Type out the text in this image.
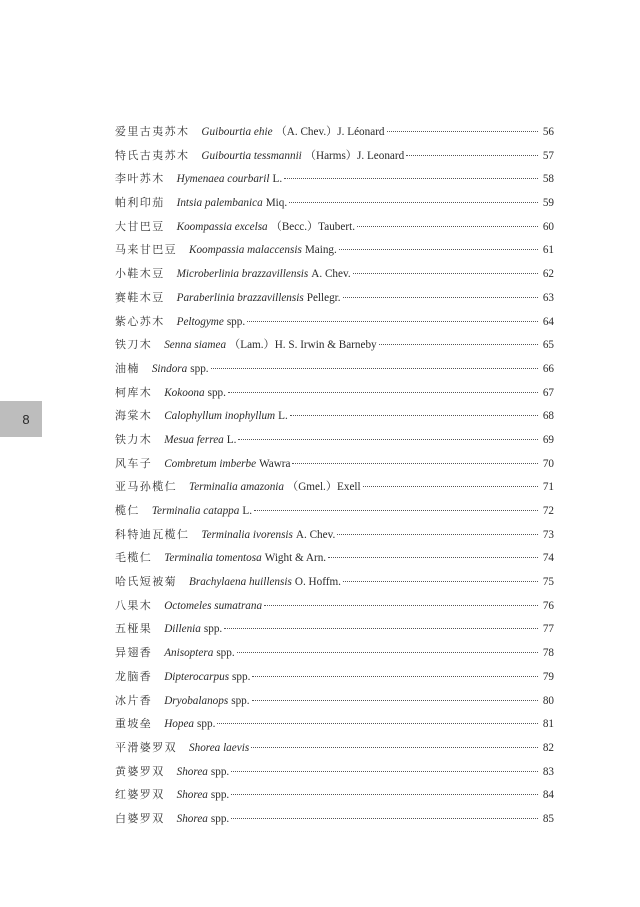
8
爱里古夷苏木 Guibourtia ehie （A. Chev.）J. Léonard	56
特氏古夷苏木 Guibourtia tessmannii （Harms）J. Leonard	57
李叶苏木 Hymenaea courbaril L.	58
帕利印茄 Intsia palembanica Miq.	59
大甘巴豆 Koompassia excelsa （Becc.）Taubert.	60
马来甘巴豆 Koompassia malaccensis Maing.	61
小鞋木豆 Microberlinia brazzavillensis A. Chev.	62
赛鞋木豆 Paraberlinia brazzavillensis Pellegr.	63
紫心苏木 Peltogyme spp.	64
铁刀木 Senna siamea （Lam.）H. S. Irwin & Barneby	65
油楠 Sindora spp.	66
柯库木 Kokoona spp.	67
海棠木 Calophyllum inophyllum L.	68
铁力木 Mesua ferrea L.	69
风车子 Combretum imberbe Wawra	70
亚马孙榄仁 Terminalia amazonia （Gmel.）Exell	71
榄仁 Terminalia catappa L.	72
科特迪瓦榄仁 Terminalia ivorensis A. Chev.	73
毛榄仁 Terminalia tomentosa Wight & Arn.	74
哈氏短被菊 Brachylaena huillensis O. Hoffm.	75
八果木 Octomeles sumatrana	76
五桠果 Dillenia spp.	77
异翅香 Anisoptera spp.	78
龙脑香 Dipterocarpus spp.	79
冰片香 Dryobalanops spp.	80
重坡垒 Hopea spp.	81
平滑婆罗双 Shorea laevis	82
黄婆罗双 Shorea spp.	83
红婆罗双 Shorea spp.	84
白婆罗双 Shorea spp.	85
